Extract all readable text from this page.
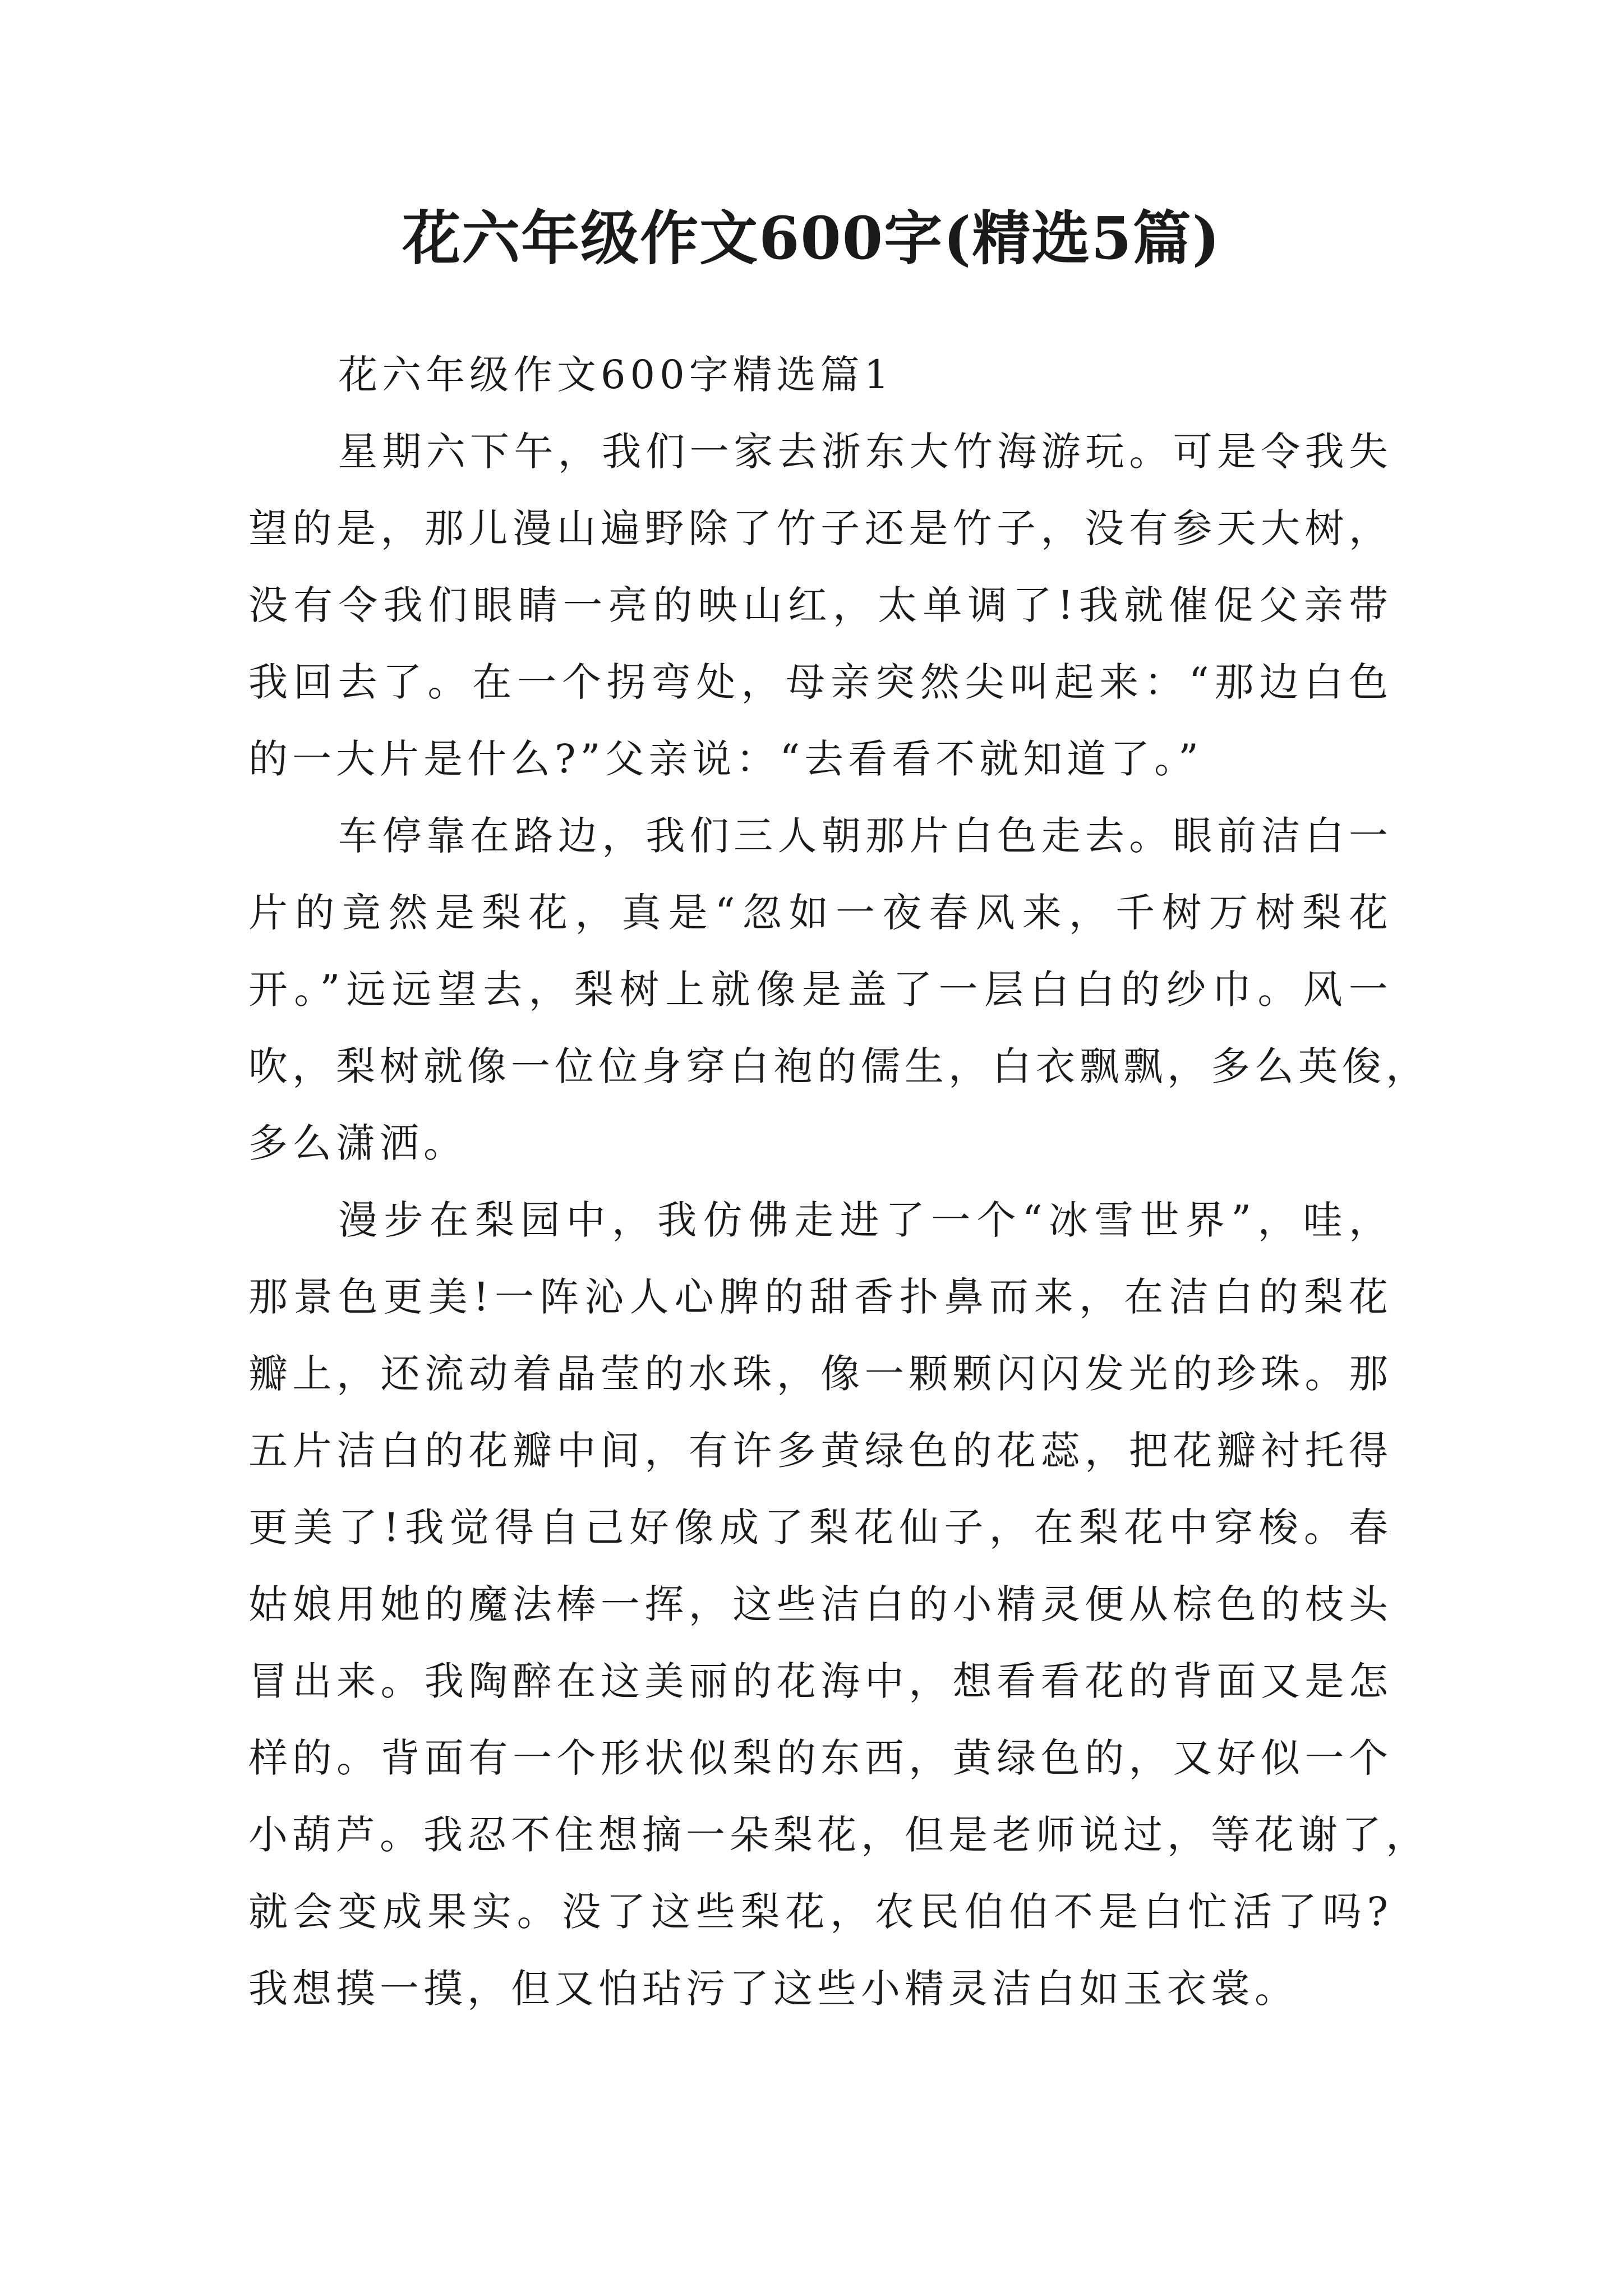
花六年级作文600字(精选5篇)

花六年级作文600字精选篇1

星期六下午，我们一家去浙东大竹海游玩。可是令我失
望的是，那儿漫山遍野除了竹子还是竹子，没有参天大树，
没有令我们眼睛一亮的映山红，太单调了!我就催促父亲带
我回去了。在一个拐弯处，母亲突然尖叫起来：“那边白色
的一大片是什么?”父亲说：“去看看不就知道了。”

车停靠在路边，我们三人朝那片白色走去。眼前洁白一
片的竟然是梨花，真是“忽如一夜春风来，千树万树梨花
开。”远远望去，梨树上就像是盖了一层白白的纱巾。风一
吹，梨树就像一位位身穿白袍的儒生，白衣飘飘，多么英俊，
多么潇洒。

漫步在梨园中，我仿佛走进了一个“冰雪世界”，哇，
那景色更美!一阵沁人心脾的甜香扑鼻而来，在洁白的梨花
瓣上，还流动着晶莹的水珠，像一颗颗闪闪发光的珍珠。那
五片洁白的花瓣中间，有许多黄绿色的花蕊，把花瓣衬托得
更美了!我觉得自己好像成了梨花仙子，在梨花中穿梭。春
姑娘用她的魔法棒一挥，这些洁白的小精灵便从棕色的枝头
冒出来。我陶醉在这美丽的花海中，想看看花的背面又是怎
样的。背面有一个形状似梨的东西，黄绿色的，又好似一个
小葫芦。我忍不住想摘一朵梨花，但是老师说过，等花谢了，
就会变成果实。没了这些梨花，农民伯伯不是白忙活了吗?
我想摸一摸，但又怕玷污了这些小精灵洁白如玉衣裳。
